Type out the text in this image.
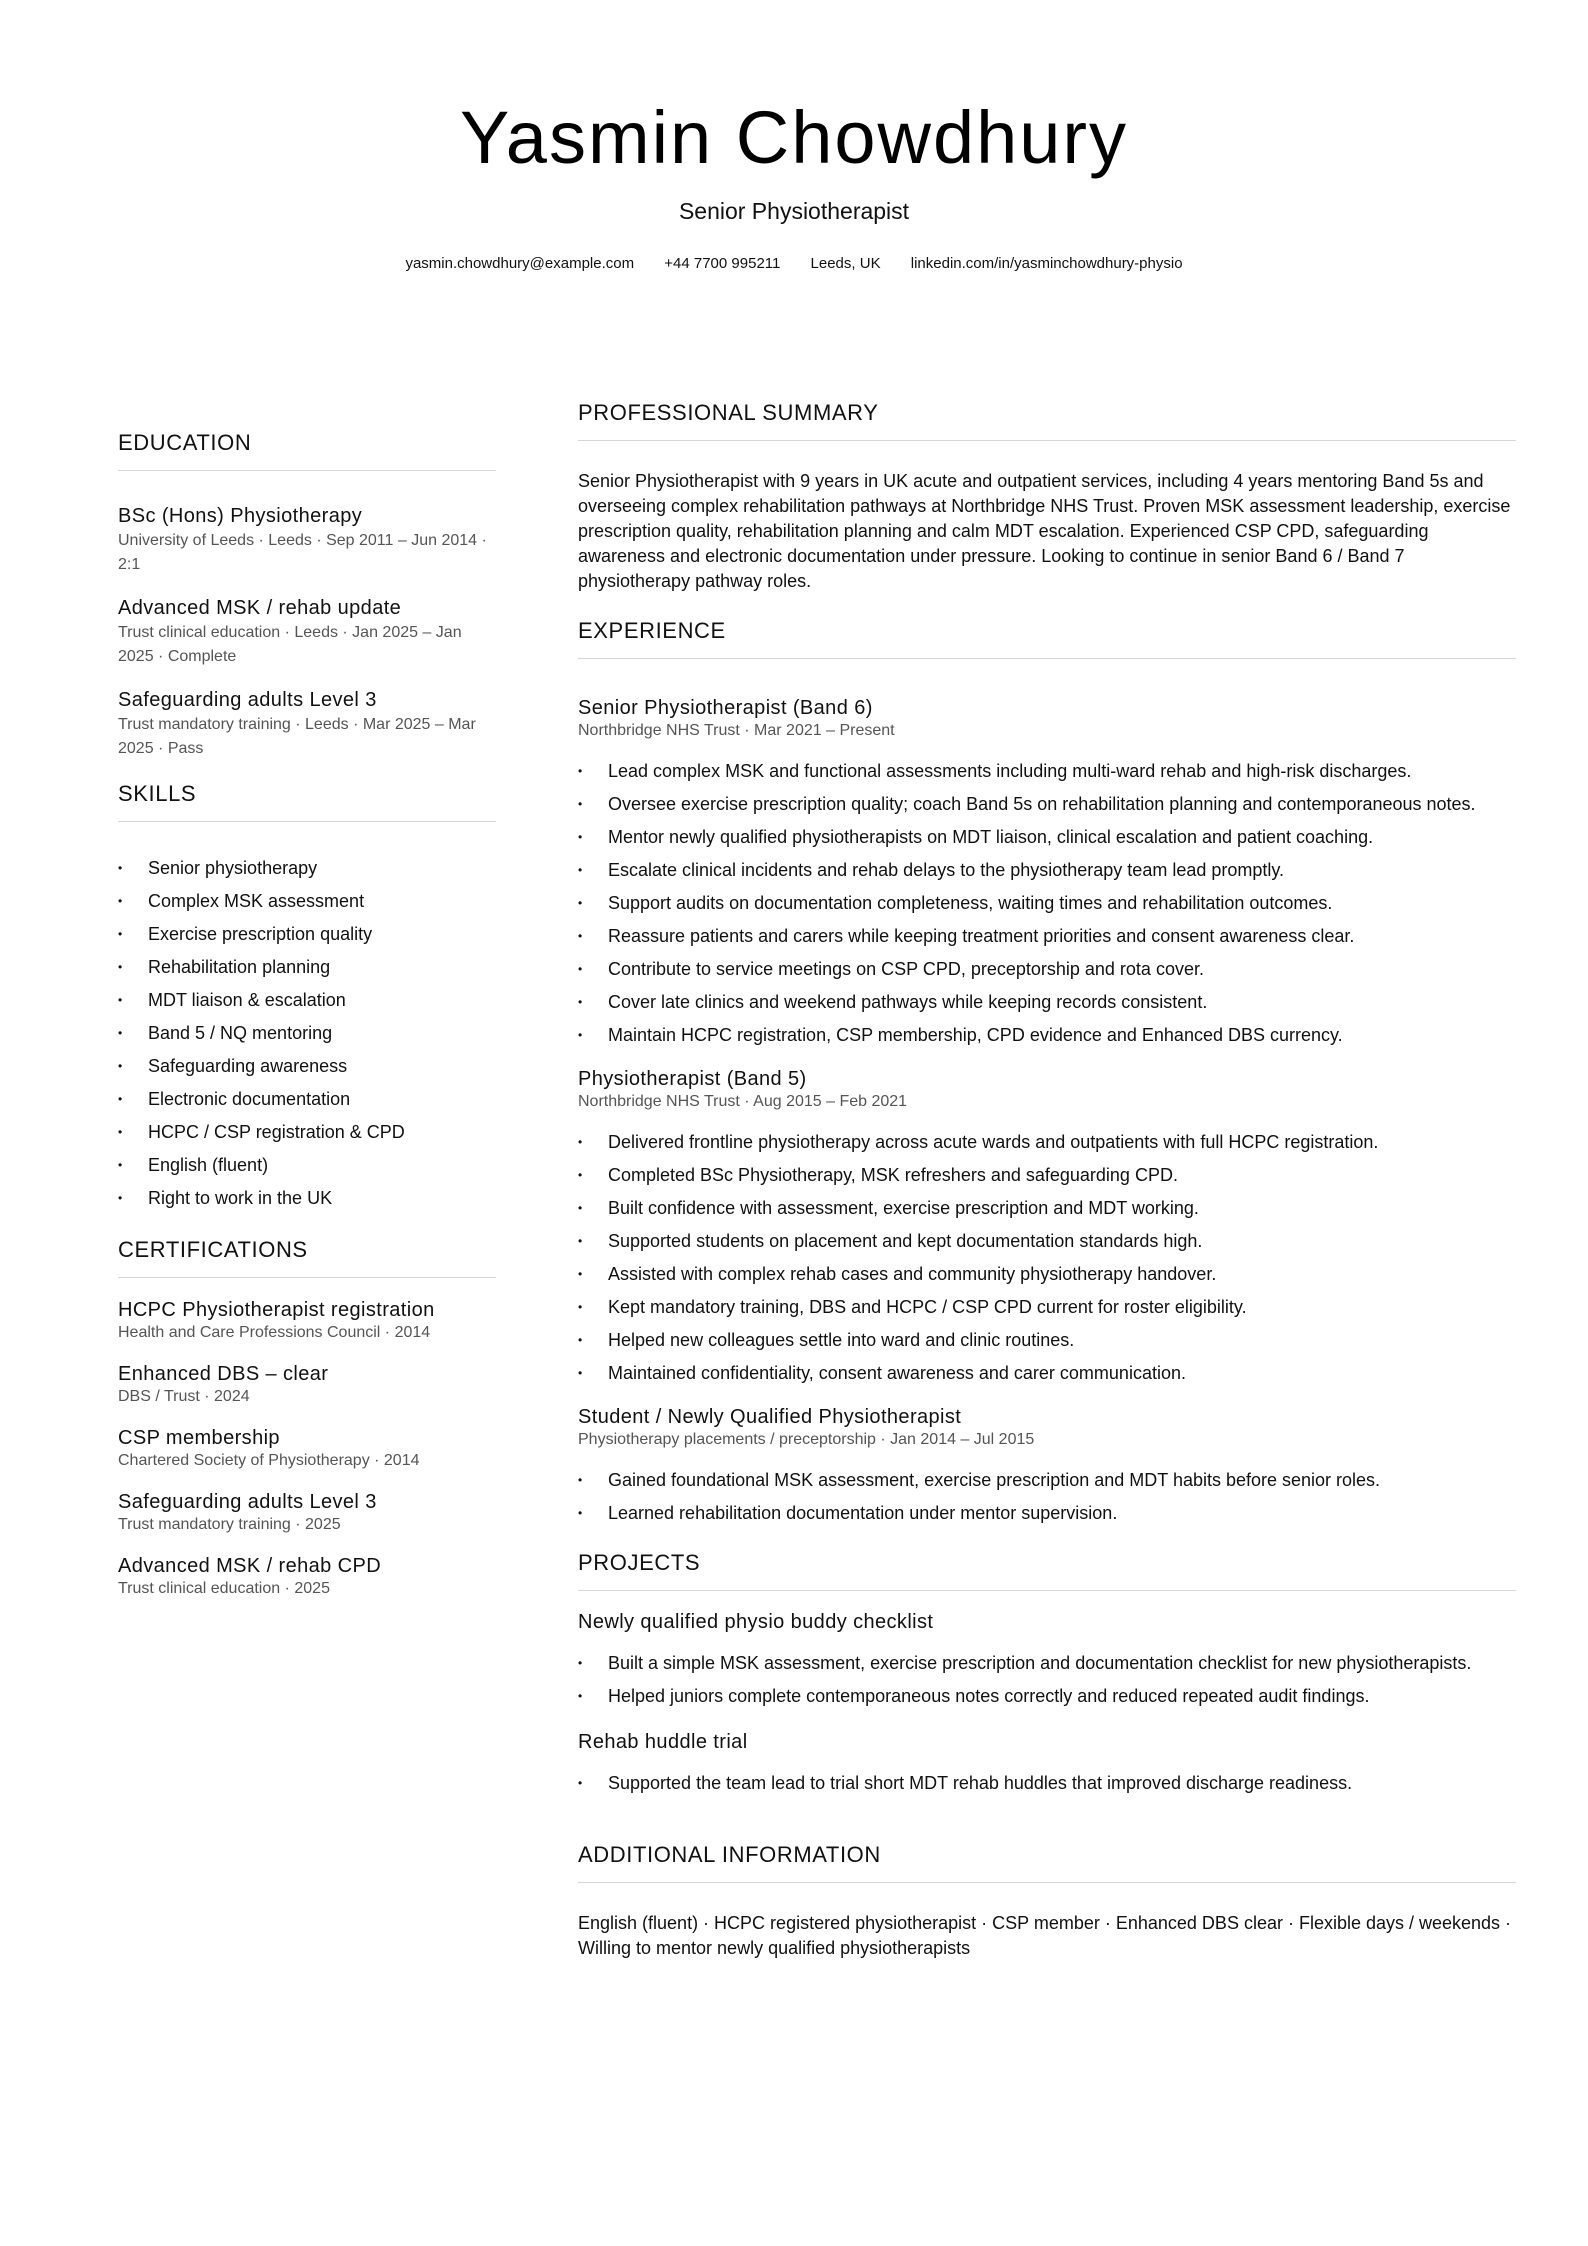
Yasmin Chowdhury
Senior Physiotherapist
yasmin.chowdhury@example.com +44 7700 995211 Leeds, UK linkedin.com/in/yasminchowdhury-physio
EDUCATION
BSc (Hons) Physiotherapy
University of Leeds · Leeds · Sep 2011 – Jun 2014 · 2:1
Advanced MSK / rehab update
Trust clinical education · Leeds · Jan 2025 – Jan 2025 · Complete
Safeguarding adults Level 3
Trust mandatory training · Leeds · Mar 2025 – Mar 2025 · Pass
SKILLS
• Senior physiotherapy
• Complex MSK assessment
• Exercise prescription quality
• Rehabilitation planning
• MDT liaison & escalation
• Band 5 / NQ mentoring
• Safeguarding awareness
• Electronic documentation
• HCPC / CSP registration & CPD
• English (fluent)
• Right to work in the UK
CERTIFICATIONS
HCPC Physiotherapist registration
Health and Care Professions Council · 2014
Enhanced DBS – clear
DBS / Trust · 2024
CSP membership
Chartered Society of Physiotherapy · 2014
Safeguarding adults Level 3
Trust mandatory training · 2025
Advanced MSK / rehab CPD
Trust clinical education · 2025
PROFESSIONAL SUMMARY
Senior Physiotherapist with 9 years in UK acute and outpatient services, including 4 years mentoring Band 5s and overseeing complex rehabilitation pathways at Northbridge NHS Trust. Proven MSK assessment leadership, exercise prescription quality, rehabilitation planning and calm MDT escalation. Experienced CSP CPD, safeguarding awareness and electronic documentation under pressure. Looking to continue in senior Band 6 / Band 7 physiotherapy pathway roles.
EXPERIENCE
Senior Physiotherapist (Band 6)
Northbridge NHS Trust · Mar 2021 – Present
• Lead complex MSK and functional assessments including multi-ward rehab and high-risk discharges.
• Oversee exercise prescription quality; coach Band 5s on rehabilitation planning and contemporaneous notes.
• Mentor newly qualified physiotherapists on MDT liaison, clinical escalation and patient coaching.
• Escalate clinical incidents and rehab delays to the physiotherapy team lead promptly.
• Support audits on documentation completeness, waiting times and rehabilitation outcomes.
• Reassure patients and carers while keeping treatment priorities and consent awareness clear.
• Contribute to service meetings on CSP CPD, preceptorship and rota cover.
• Cover late clinics and weekend pathways while keeping records consistent.
• Maintain HCPC registration, CSP membership, CPD evidence and Enhanced DBS currency.
Physiotherapist (Band 5)
Northbridge NHS Trust · Aug 2015 – Feb 2021
• Delivered frontline physiotherapy across acute wards and outpatients with full HCPC registration.
• Completed BSc Physiotherapy, MSK refreshers and safeguarding CPD.
• Built confidence with assessment, exercise prescription and MDT working.
• Supported students on placement and kept documentation standards high.
• Assisted with complex rehab cases and community physiotherapy handover.
• Kept mandatory training, DBS and HCPC / CSP CPD current for roster eligibility.
• Helped new colleagues settle into ward and clinic routines.
• Maintained confidentiality, consent awareness and carer communication.
Student / Newly Qualified Physiotherapist
Physiotherapy placements / preceptorship · Jan 2014 – Jul 2015
• Gained foundational MSK assessment, exercise prescription and MDT habits before senior roles.
• Learned rehabilitation documentation under mentor supervision.
PROJECTS
Newly qualified physio buddy checklist
• Built a simple MSK assessment, exercise prescription and documentation checklist for new physiotherapists.
• Helped juniors complete contemporaneous notes correctly and reduced repeated audit findings.
Rehab huddle trial
• Supported the team lead to trial short MDT rehab huddles that improved discharge readiness.
ADDITIONAL INFORMATION
English (fluent) · HCPC registered physiotherapist · CSP member · Enhanced DBS clear · Flexible days / weekends · Willing to mentor newly qualified physiotherapists
